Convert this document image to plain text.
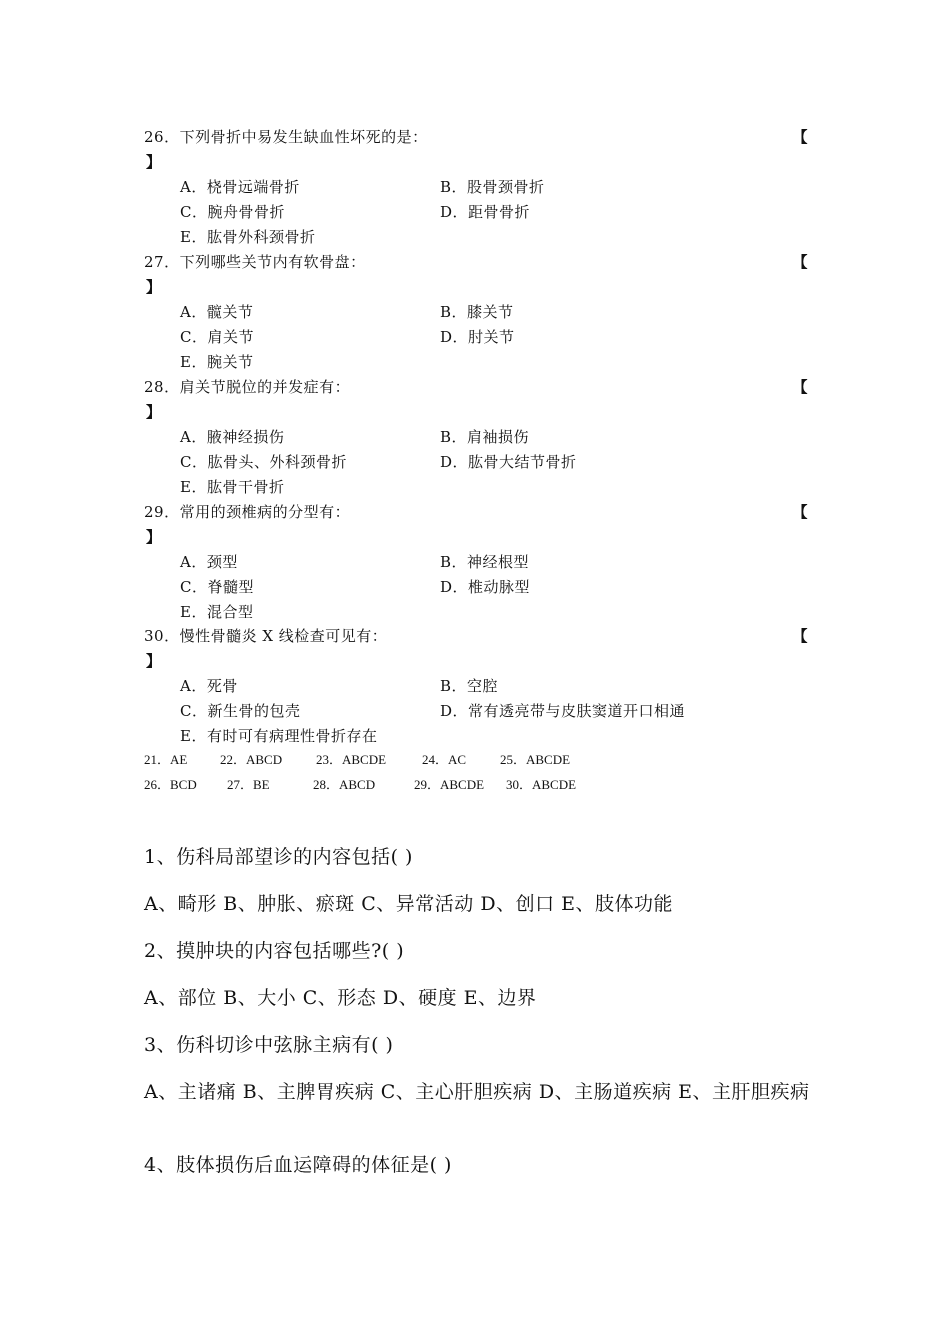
26．下列骨折中易发生缺血性坏死的是：	【
】
A．桡骨远端骨折	B．股骨颈骨折
C．腕舟骨骨折	D．距骨骨折
E．肱骨外科颈骨折
27．下列哪些关节内有软骨盘：	【
】
A．髋关节	B．膝关节
C．肩关节	D．肘关节
E．腕关节
28．肩关节脱位的并发症有：	【
】
A．腋神经损伤	B．肩袖损伤
C．肱骨头、外科颈骨折	D．肱骨大结节骨折
E．肱骨干骨折
29．常用的颈椎病的分型有：	【
】
A．颈型	B．神经根型
C．脊髓型	D．椎动脉型
E．混合型
30．慢性骨髓炎 X 线检查可见有：	【
】
A．死骨	B．空腔
C．新生骨的包壳	D．常有透亮带与皮肤窦道开口相通
E．有时可有病理性骨折存在
21．AE	22．ABCD	23．ABCDE	24．AC	25．ABCDE
26．BCD 27．BE	28．ABCD	29．ABCDE 30．ABCDE
1、伤科局部望诊的内容包括( )
A、畸形 B、肿胀、瘀斑 C、异常活动 D、创口 E、肢体功能
2、摸肿块的内容包括哪些?( )
A、部位 B、大小 C、形态 D、硬度 E、边界
3、伤科切诊中弦脉主病有( )
A、主诸痛 B、主脾胃疾病 C、主心肝胆疾病 D、主肠道疾病 E、主肝胆疾病
4、肢体损伤后血运障碍的体征是( )
